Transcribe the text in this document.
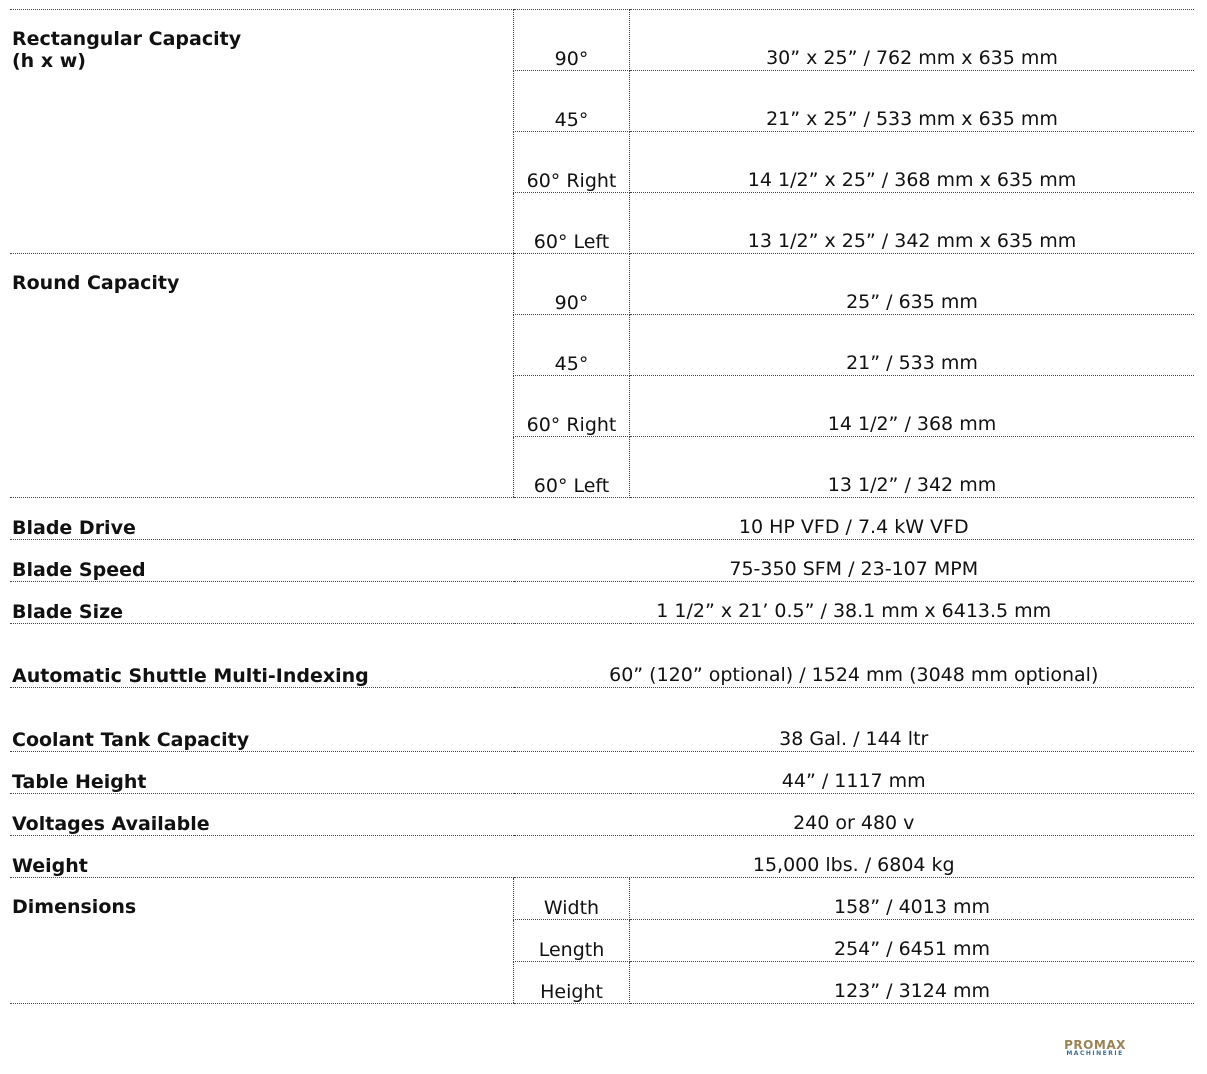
Rectangular Capacity
(h x w)	90°	30” x 25” / 762 mm x 635 mm
	45°	21” x 25” / 533 mm x 635 mm
	60° Right	14 1/2” x 25” / 368 mm x 635 mm
	60° Left	13 1/2” x 25” / 342 mm x 635 mm
Round Capacity	90°	25” / 635 mm
	45°	21” / 533 mm
	60° Right	14 1/2” / 368 mm
	60° Left	13 1/2” / 342 mm
Blade Drive	10 HP VFD / 7.4 kW VFD	
Blade Speed	75-350 SFM / 23-107 MPM	
Blade Size	1 1/2” x 21’ 0.5” / 38.1 mm x 6413.5 mm	
Automatic Shuttle Multi-Indexing	60” (120” optional) / 1524 mm (3048 mm optional)	
Coolant Tank Capacity	38 Gal. / 144 ltr	
Table Height	44” / 1117 mm	
Voltages Available	240 or 480 v	
Weight	15,000 lbs. / 6804 kg	
Dimensions	Width	158” / 4013 mm
	Length	254” / 6451 mm
	Height	123” / 3124 mm
PROMAX
MACHINERIE
